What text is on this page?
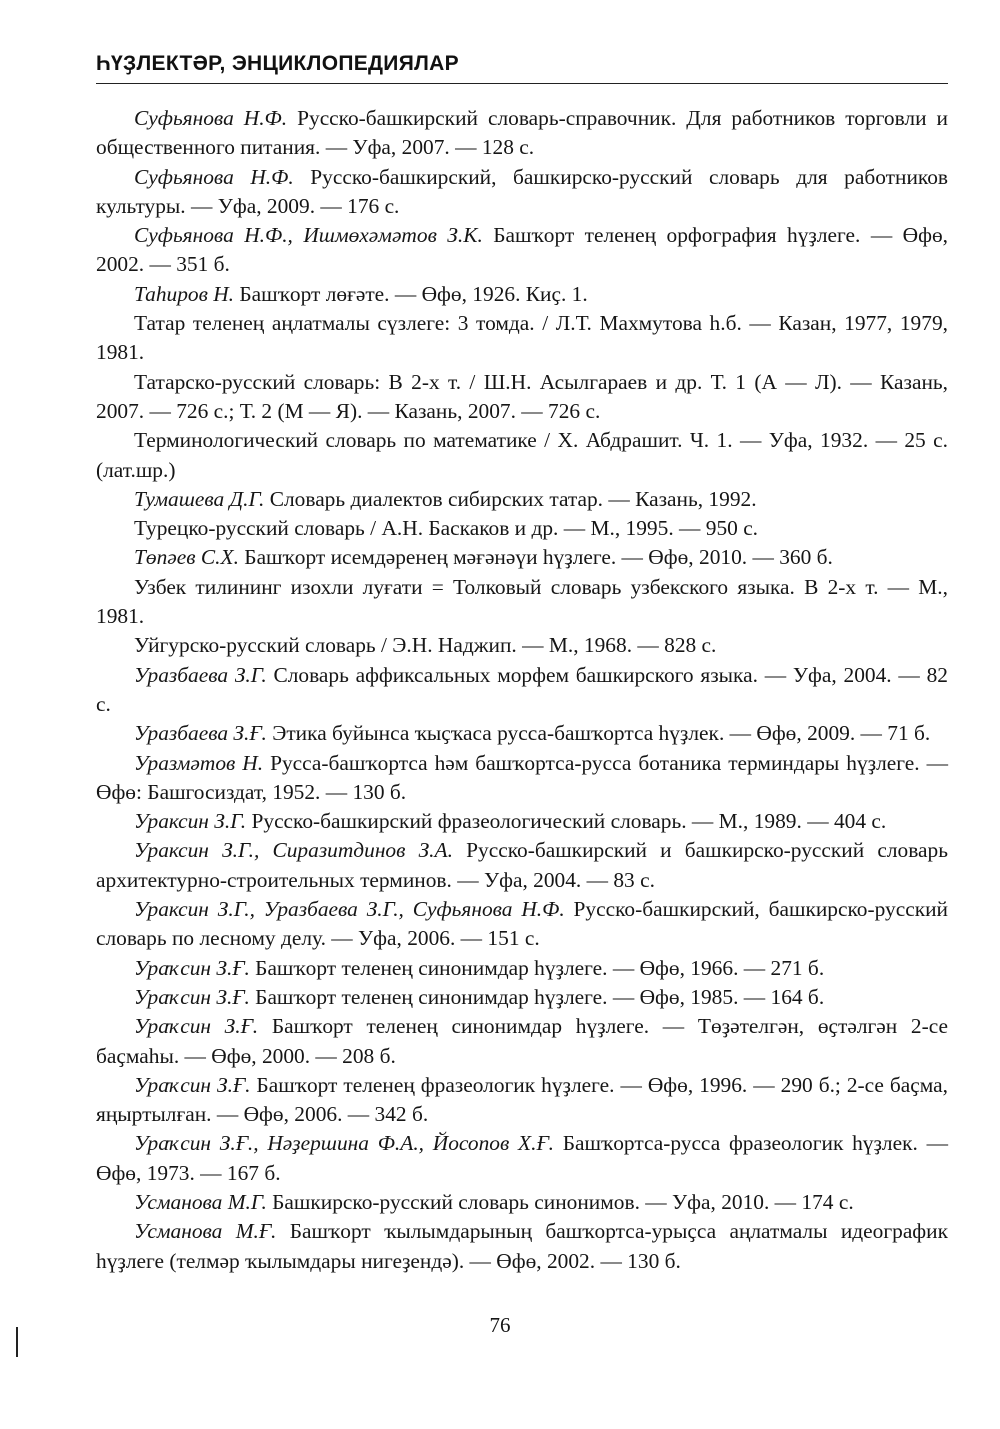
ҺҮҘЛЕКТӘР, ЭНЦИКЛОПЕДИЯЛАР

Суфьянова Н.Ф. Русско-башкирский словарь-справочник. Для работников торговли и общественного питания. — Уфа, 2007. — 128 с.

Суфьянова Н.Ф. Русско-башкирский, башкирско-русский словарь для работников культуры. — Уфа, 2009. — 176 с.

Суфьянова Н.Ф., Ишмөхәмәтов З.К. Башҡорт теленең орфография һүҙлеге. — Өфө, 2002. — 351 б.

Таһиров Н. Башҡорт лөғәте. — Өфө, 1926. Киҫ. 1.

Татар теленең аңлатмалы сүзлеге: 3 томда. / Л.Т. Махмутова һ.б. — Казан, 1977, 1979, 1981.

Татарско-русский словарь: В 2-х т. / Ш.Н. Асылгараев и др. Т. 1 (А — Л). — Казань, 2007. — 726 с.; Т. 2 (М — Я). — Казань, 2007. — 726 с.

Терминологический словарь по математике / Х. Абдрашит. Ч. 1. — Уфа, 1932. — 25 с. (лат.шр.)

Тумашева Д.Г. Словарь диалектов сибирских татар. — Казань, 1992.

Турецко-русский словарь / А.Н. Баскаков и др. — М., 1995. — 950 с.

Төпәев С.Х. Башҡорт исемдәренең мәғәнәүи һүҙлеге. — Өфө, 2010. — 360 б.

Узбек тилининг изохли луғати = Толковый словарь узбекского языка. В 2-х т. — М., 1981.

Уйгурско-русский словарь / Э.Н. Наджип. — М., 1968. — 828 с.

Уразбаева З.Г. Словарь аффиксальных морфем башкирского языка. — Уфа, 2004. — 82 с.

Уразбаева З.Ғ. Этика буйынса ҡыҫҡаса русса-башҡортса һүҙлек. — Өфө, 2009. — 71 б.

Уразмәтов Н. Русса-башҡортса һәм башҡортса-русса ботаника терминдары һүҙлеге. — Өфө: Башгосиздат, 1952. — 130 б.

Ураксин З.Г. Русско-башкирский фразеологический словарь. — М., 1989. — 404 с.

Ураксин З.Г., Сиразитдинов З.А. Русско-башкирский и башкирско-русский словарь архитектурно-строительных терминов. — Уфа, 2004. — 83 с.

Ураксин З.Г., Уразбаева З.Г., Суфьянова Н.Ф. Русско-башкирский, башкирско-русский словарь по лесному делу. — Уфа, 2006. — 151 с.

Ураҡсин З.Ғ. Башҡорт теленең синонимдар һүҙлеге. — Өфө, 1966. — 271 б.

Ураҡсин З.Ғ. Башҡорт теленең синонимдар һүҙлеге. — Өфө, 1985. — 164 б.

Ураҡсин З.Ғ. Башҡорт теленең синонимдар һүҙлеге. — Төҙәтелгән, өҫтәлгән 2-се баҫмаһы. — Өфө, 2000. — 208 б.

Ураҡсин З.Ғ. Башҡорт теленең фразеологик һүҙлеге. — Өфө, 1996. — 290 б.; 2-се баҫма, яңыртылған. — Өфө, 2006. — 342 б.

Ураҡсин З.Ғ., Нәҙершина Ф.А., Йосопов Х.Ғ. Башҡортса-русса фразеологик һүҙлек. — Өфө, 1973. — 167 б.

Усманова М.Г. Башкирско-русский словарь синонимов. — Уфа, 2010. — 174 с.

Усманова М.Ғ. Башҡорт ҡылымдарының башҡортса-урыҫса аңлатмалы идеографик һүҙлеге (телмәр ҡылымдары нигеҙендә). — Өфө, 2002. — 130 б.

76
